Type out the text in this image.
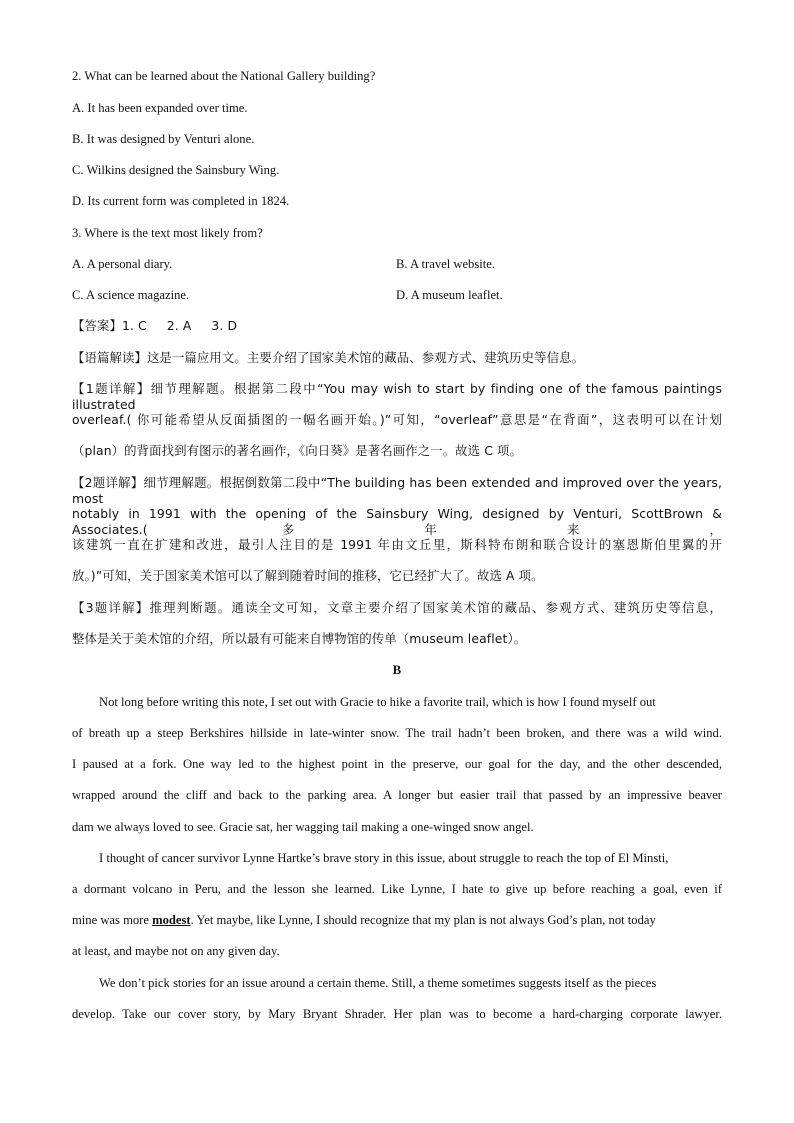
2. What can be learned about the National Gallery building?
A. It has been expanded over time.
B. It was designed by Venturi alone.
C. Wilkins designed the Sainsbury Wing.
D. Its current form was completed in 1824.
3. Where is the text most likely from?
A. A personal diary.	B. A travel website.
C. A science magazine.	D. A museum leaflet.
【答案】1. C 2. A 3. D
【语篇解读】这是一篇应用文。主要介绍了国家美术馆的藏品、参观方式、建筑历史等信息。
【1题详解】细节理解题。根据第二段中“You may wish to start by finding one of the famous paintings illustrated
overleaf.( 你可能希望从反面插图的一幅名画开始。)”可知，“overleaf”意思是“在背面”，这表明可以在计划
（plan）的背面找到有图示的著名画作，《向日葵》是著名画作之一。故选 C 项。
【2题详解】细节理解题。根据倒数第二段中“The building has been extended and improved over the years, most
notably in 1991 with the opening of the Sainsbury Wing, designed by Venturi, ScottBrown & Associates.( 多年来，
该建筑一直在扩建和改进，最引人注目的是 1991 年由文丘里，斯科特布朗和联合设计的塞恩斯伯里翼的开
放。)”可知，关于国家美术馆可以了解到随着时间的推移，它已经扩大了。故选 A 项。
【3题详解】推理判断题。通读全文可知，文章主要介绍了国家美术馆的藏品、参观方式、建筑历史等信息，
整体是关于美术馆的介绍，所以最有可能来自博物馆的传单（museum leaflet）。
B
Not long before writing this note, I set out with Gracie to hike a favorite trail, which is how I found myself out
of breath up a steep Berkshires hillside in late-winter snow. The trail hadn’t been broken, and there was a wild wind.
I paused at a fork. One way led to the highest point in the preserve, our goal for the day, and the other descended,
wrapped around the cliff and back to the parking area. A longer but easier trail that passed by an impressive beaver
dam we always loved to see. Gracie sat, her wagging tail making a one-winged snow angel.
I thought of cancer survivor Lynne Hartke’s brave story in this issue, about struggle to reach the top of El Minsti,
a dormant volcano in Peru, and the lesson she learned. Like Lynne, I hate to give up before reaching a goal, even if
mine was more modest. Yet maybe, like Lynne, I should recognize that my plan is not always God’s plan, not today
at least, and maybe not on any given day.
We don’t pick stories for an issue around a certain theme. Still, a theme sometimes suggests itself as the pieces
develop. Take our cover story, by Mary Bryant Shrader. Her plan was to become a hard-charging corporate lawyer.
